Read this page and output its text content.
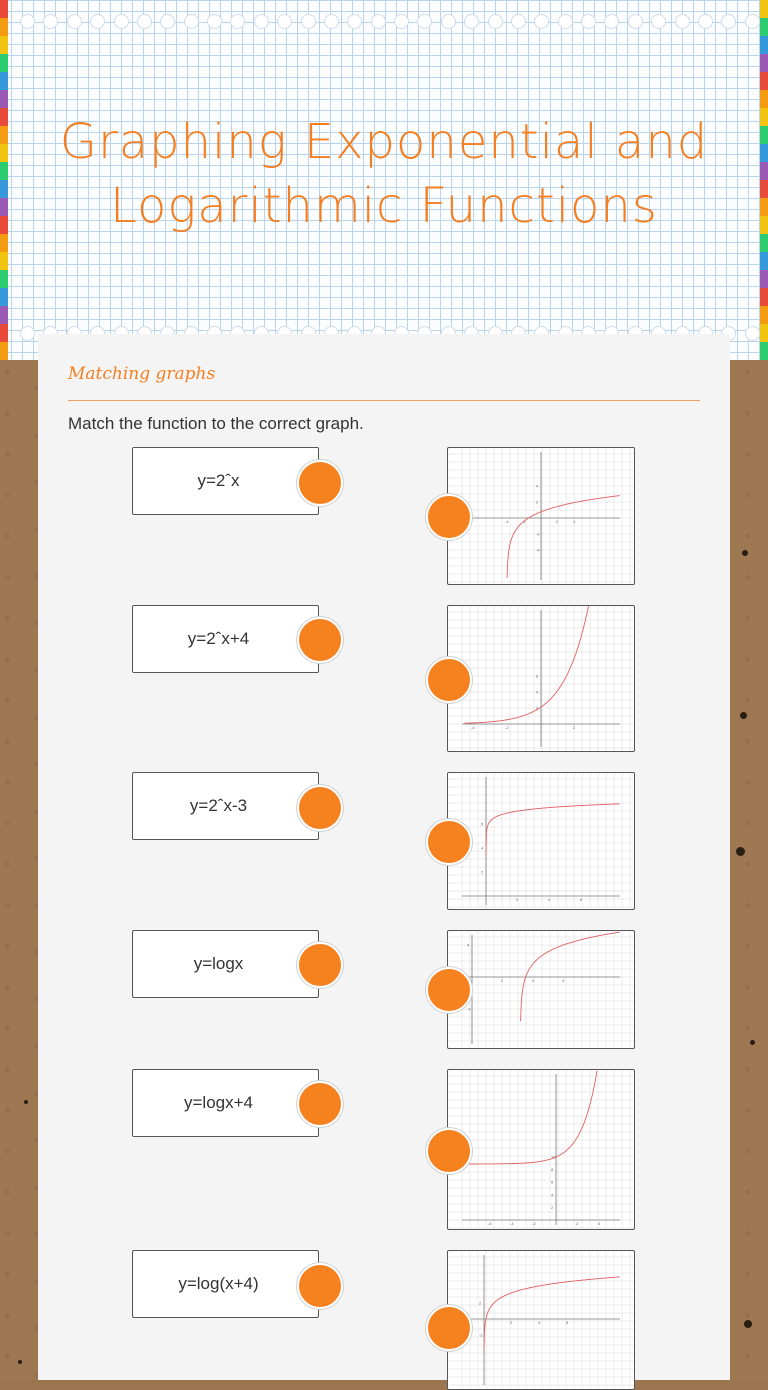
Graphing Exponential and Logarithmic Functions
Matching graphs
Match the function to the correct graph.
y=2ˆx
y=2ˆx+4
y=2ˆx-3
y=logx
y=logx+4
y=log(x+4)
-4	-2	2	4
4
2
-2
-4
-4	-2	2
6
4
2
2	4	6
6
4
2
2	4	6
4
-4
-6	-4	-2	2	4
10
8
6
4
2
2	4	6
2
-2
